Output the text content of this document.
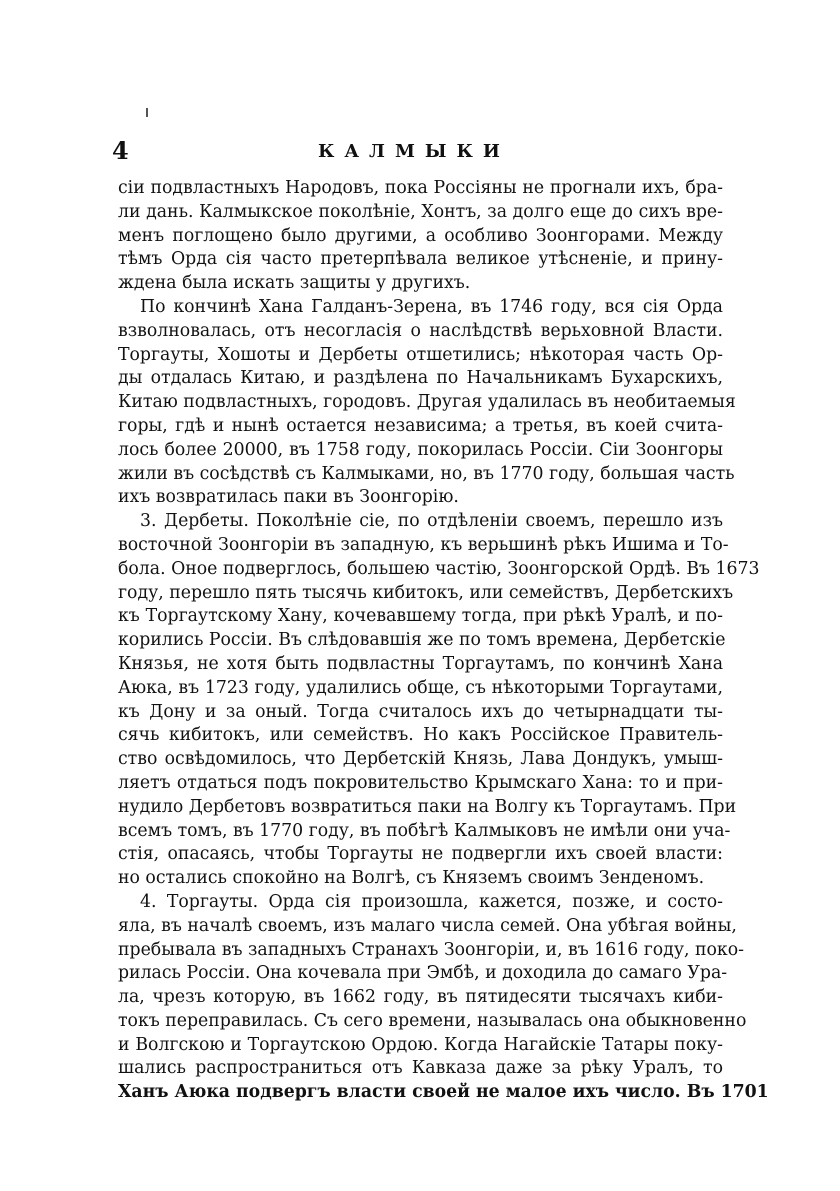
4	КАЛМЫКИ

сіи подвластныхъ Народовъ, пока Россіяны не прогнали ихъ, бра-
ли дань. Калмыкское поколѣніе, Хонтъ, за долго еще до сихъ вре-
менъ поглощено было другими, а особливо Зоонгорами. Между
тѣмъ Орда сія часто претерпѣвала великое утѣсненіе, и прину-
ждена была искать защиты у другихъ.

По кончинѣ Хана Галданъ-Зерена, въ 1746 году, вся сія Орда
взволновалась, отъ несогласія о наслѣдствѣ верьховной Власти.
Торгауты, Хошоты и Дербеты отшетились; нѣкоторая часть Ор-
ды отдалась Китаю, и раздѣлена по Начальникамъ Бухарскихъ,
Китаю подвластныхъ, городовъ. Другая удалилась въ необитаемыя
горы, гдѣ и нынѣ остается независима; а третья, въ коей счита-
лось более 20000, въ 1758 году, покорилась Россіи. Сіи Зоонгоры
жили въ сосѣдствѣ съ Калмыками, но, въ 1770 году, большая часть
ихъ возвратилась паки въ Зоонгорію.

3. Дербеты. Поколѣніе сіе, по отдѣленіи своемъ, перешло изъ
восточной Зоонгоріи въ западную, къ верьшинѣ рѣкъ Ишима и То-
бола. Оное подверглось, большею частію, Зоонгорской Ордѣ. Въ 1673
году, перешло пять тысячь кибитокъ, или семействъ, Дербетскихъ
къ Торгаутскому Хану, кочевавшему тогда, при рѣкѣ Уралѣ, и по-
корились Россіи. Въ слѣдовавшія же по томъ времена, Дербетскіе
Князья, не хотя быть подвластны Торгаутамъ, по кончинѣ Хана
Аюка, въ 1723 году, удалились обще, съ нѣкоторыми Торгаутами,
къ Дону и за оный. Тогда считалось ихъ до четырнадцати ты-
сячь кибитокъ, или семействъ. Но какъ Россійское Правитель-
ство освѣдомилось, что Дербетскій Князь, Лава Дондукъ, умыш-
ляетъ отдаться подъ покровительство Крымскаго Хана: то и при-
нудило Дербетовъ возвратиться паки на Волгу къ Торгаутамъ. При
всемъ томъ, въ 1770 году, въ побѣгѣ Калмыковъ не имѣли они уча-
стія, опасаясь, чтобы Торгауты не подвергли ихъ своей власти:
но остались спокойно на Волгѣ, съ Княземъ своимъ Зенденомъ.

4. Торгауты. Орда сія произошла, кажется, позже, и состо-
яла, въ началѣ своемъ, изъ малаго числа семей. Она убѣгая войны,
пребывала въ западныхъ Странахъ Зоонгоріи, и, въ 1616 году, поко-
рилась Россіи. Она кочевала при Эмбѣ, и доходила до самаго Ура-
ла, чрезъ которую, въ 1662 году, въ пятидесяти тысячахъ киби-
токъ переправилась. Съ сего времени, называлась она обыкновенно
и Волгскою и Торгаутскою Ордою. Когда Нагайскіе Татары поку-
шались распространиться отъ Кавказа даже за рѣку Уралъ, то
Ханъ Аюка подвергъ власти своей не малое ихъ число. Въ 1701
